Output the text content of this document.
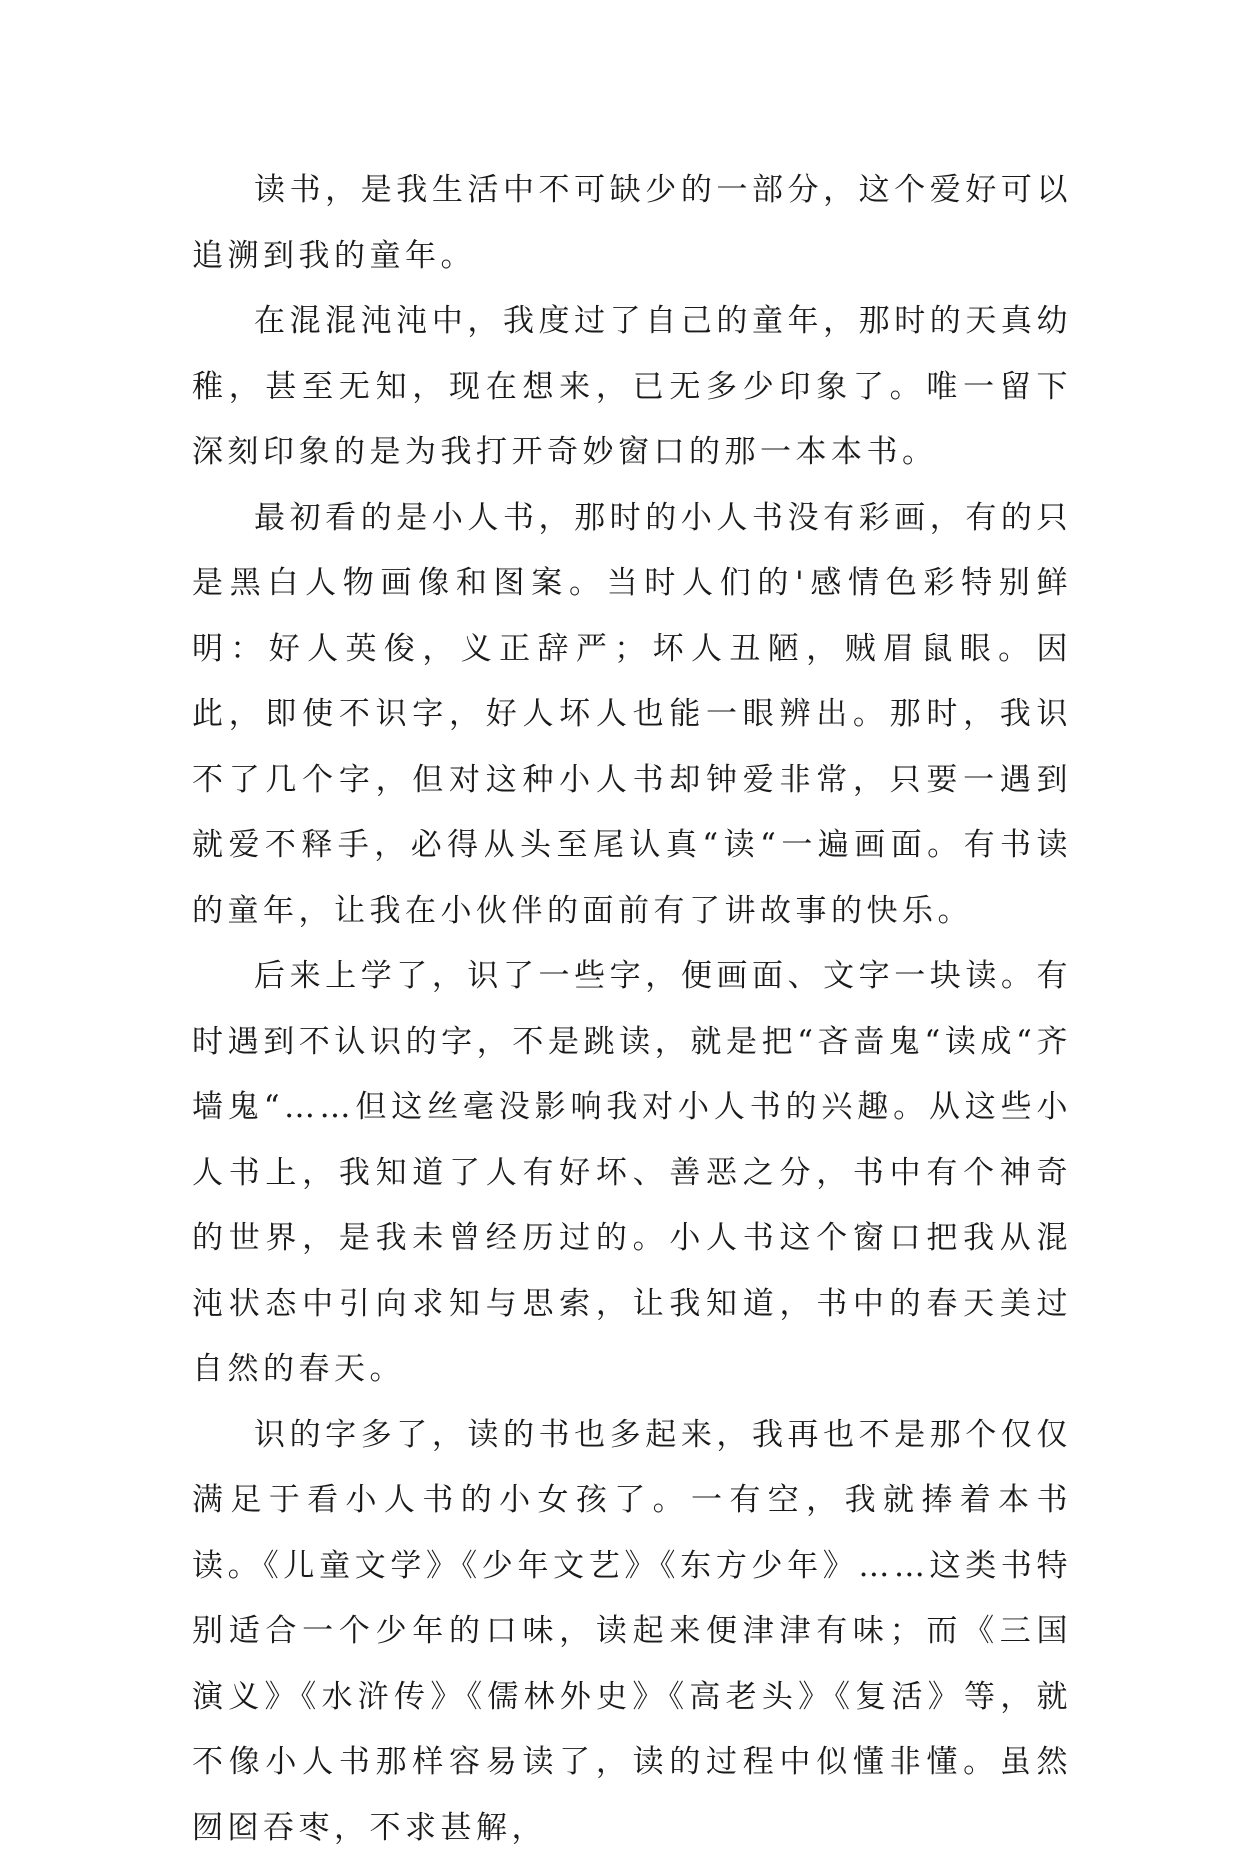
读书，是我生活中不可缺少的一部分，这个爱好可以追溯到我的童年。

在混混沌沌中，我度过了自己的童年，那时的天真幼稚，甚至无知，现在想来，已无多少印象了。唯一留下深刻印象的是为我打开奇妙窗口的那一本本书。

最初看的是小人书，那时的小人书没有彩画，有的只是黑白人物画像和图案。当时人们的'感情色彩特别鲜明：好人英俊，义正辞严；坏人丑陋，贼眉鼠眼。因此，即使不识字，好人坏人也能一眼辨出。那时，我识不了几个字，但对这种小人书却钟爱非常，只要一遇到就爱不释手，必得从头至尾认真“读“一遍画面。有书读的童年，让我在小伙伴的面前有了讲故事的快乐。

后来上学了，识了一些字，便画面、文字一块读。有时遇到不认识的字，不是跳读，就是把“吝啬鬼“读成“齐墙鬼“……但这丝毫没影响我对小人书的兴趣。从这些小人书上，我知道了人有好坏、善恶之分，书中有个神奇的世界，是我未曾经历过的。小人书这个窗口把我从混沌状态中引向求知与思索，让我知道，书中的春天美过自然的春天。

识的字多了，读的书也多起来，我再也不是那个仅仅满足于看小人书的小女孩了。一有空，我就捧着本书读。《儿童文学》《少年文艺》《东方少年》……这类书特别适合一个少年的口味，读起来便津津有味；而《三国演义》《水浒传》《儒林外史》《高老头》《复活》等，就不像小人书那样容易读了，读的过程中似懂非懂。虽然囫囵吞枣，不求甚解，
